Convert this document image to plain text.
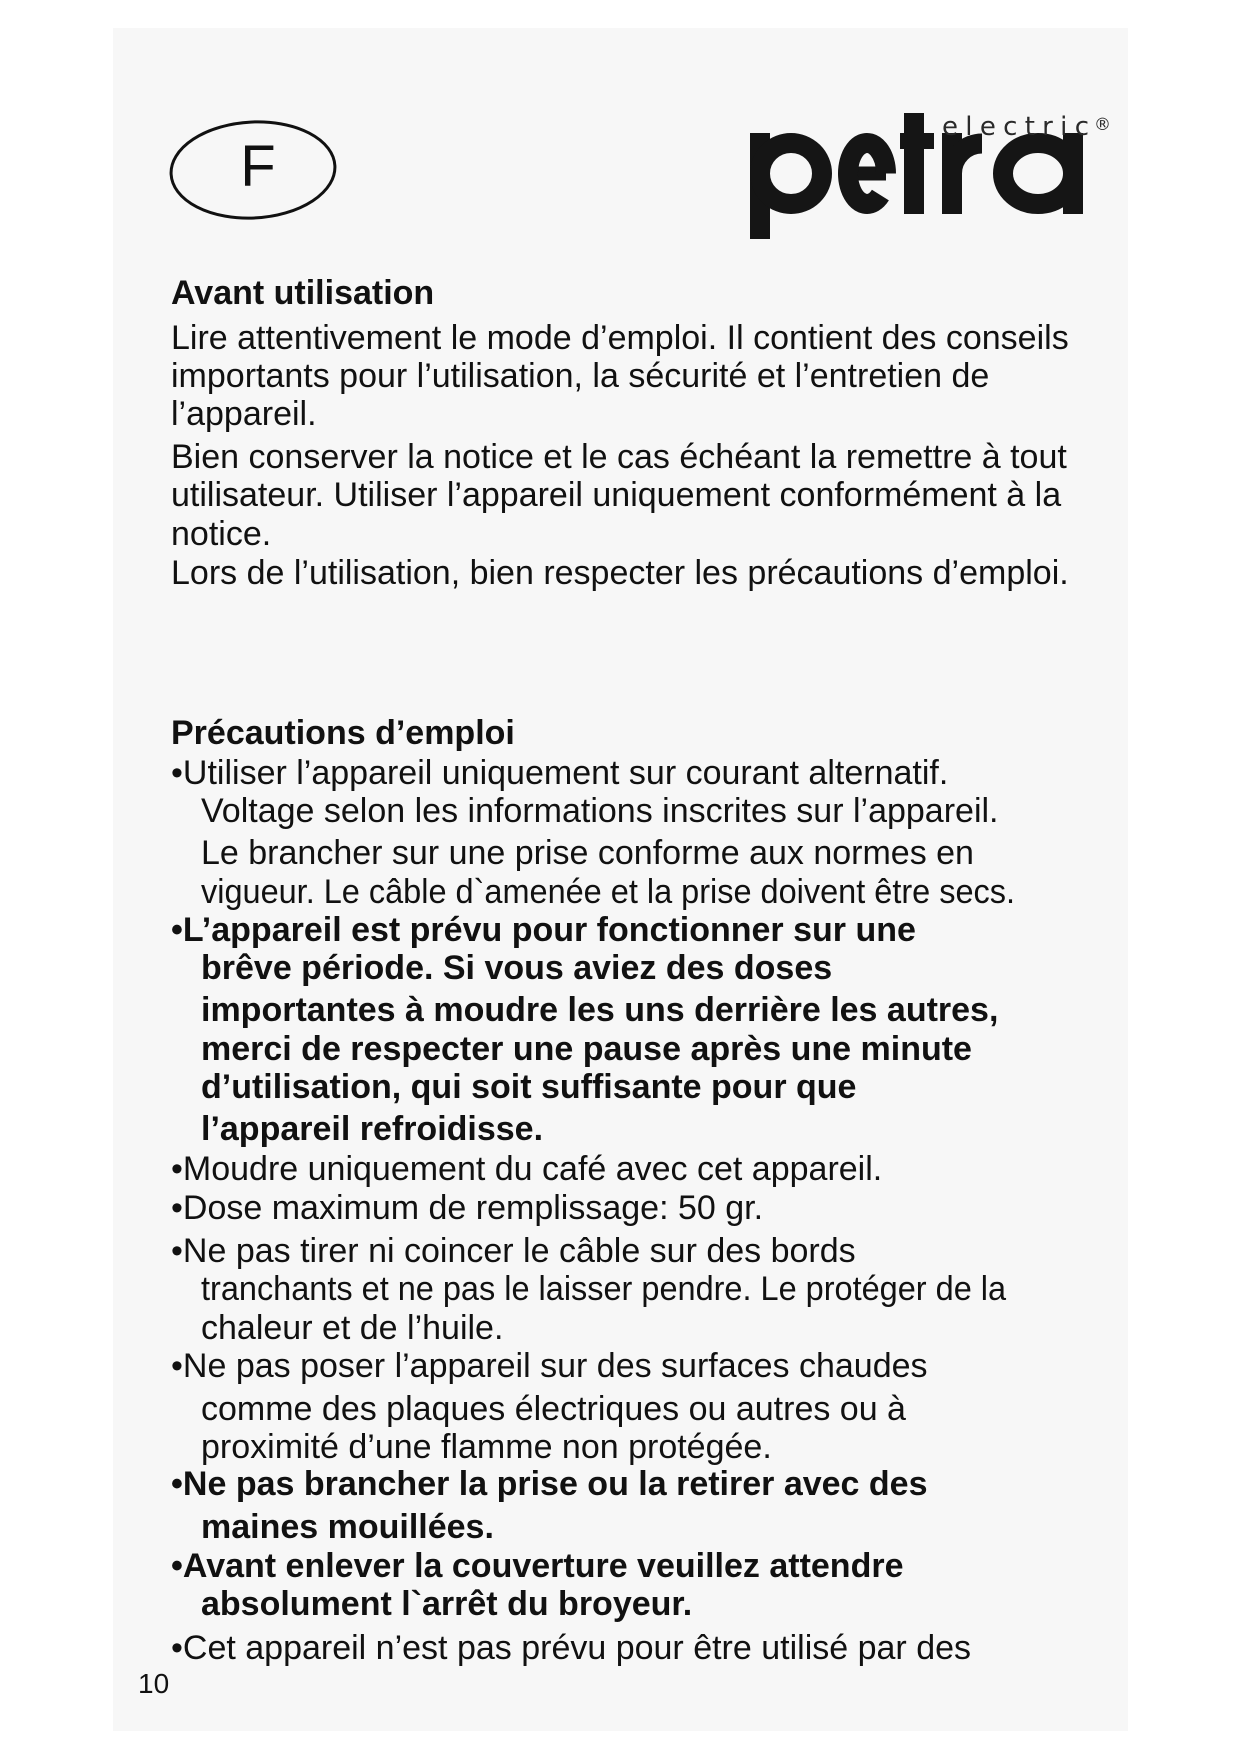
F
electric ®
Avant utilisation
Lire attentivement le mode d’emploi. Il contient des conseils
importants pour l’utilisation, la sécurité et l’entretien de
l’appareil.
Bien conserver la notice et le cas échéant la remettre à tout
utilisateur. Utiliser l’appareil uniquement conformément à la
notice.
Lors de l’utilisation, bien respecter les précautions d’emploi.
Précautions d’emploi
•Utiliser l’appareil uniquement sur courant alternatif.
Voltage selon les informations inscrites sur l’appareil.
Le brancher sur une prise conforme aux normes en
vigueur. Le câble d`amenée et la prise doivent être secs.
•L’appareil est prévu pour fonctionner sur une
brêve période. Si vous aviez des doses
importantes à moudre les uns derrière les autres,
merci de respecter une pause après une minute
d’utilisation, qui soit suffisante pour que
l’appareil refroidisse.
•Moudre uniquement du café avec cet appareil.
•Dose maximum de remplissage: 50 gr.
•Ne pas tirer ni coincer le câble sur des bords
tranchants et ne pas le laisser pendre. Le protéger de la
chaleur et de l’huile.
•Ne pas poser l’appareil sur des surfaces chaudes
comme des plaques électriques ou autres ou à
proximité d’une flamme non protégée.
•Ne pas brancher la prise ou la retirer avec des
maines mouillées.
•Avant enlever la couverture veuillez attendre
absolument l`arrêt du broyeur.
•Cet appareil n’est pas prévu pour être utilisé par des
10
